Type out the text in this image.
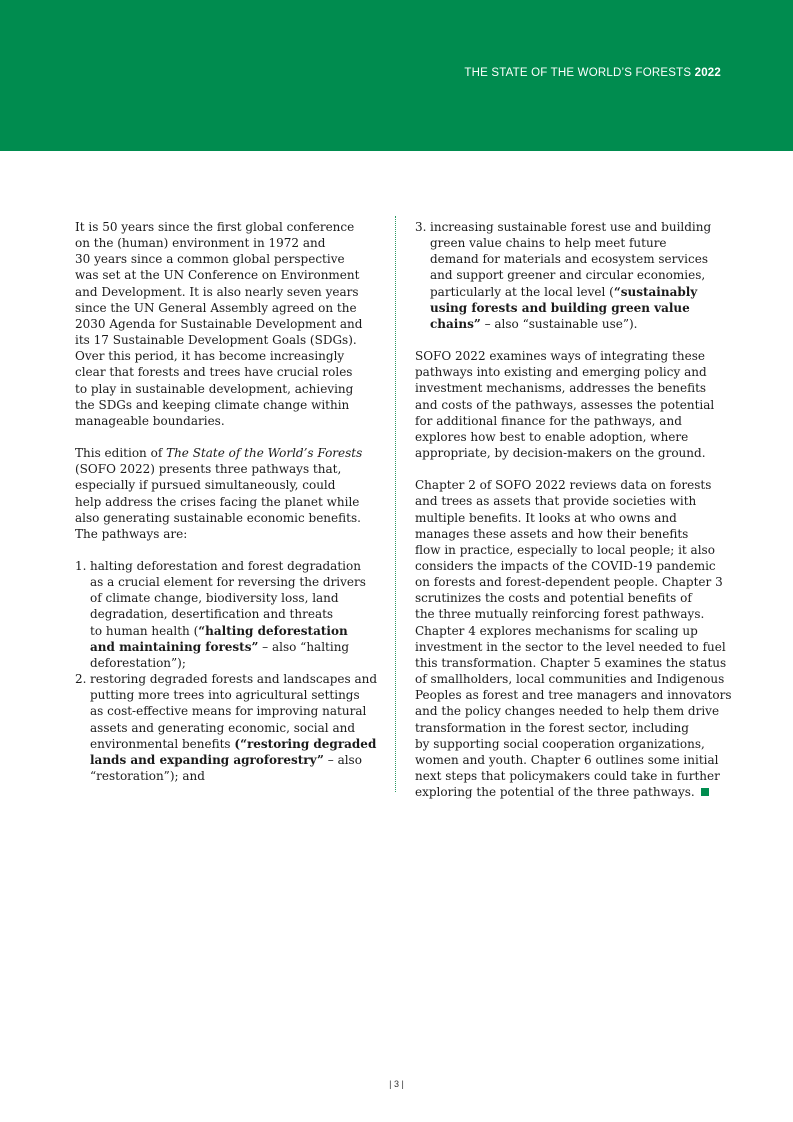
THE STATE OF THE WORLD’S FORESTS 2022
It is 50 years since the first global conference
on the (human) environment in 1972 and
30 years since a common global perspective
was set at the UN Conference on Environment
and Development. It is also nearly seven years
since the UN General Assembly agreed on the
2030 Agenda for Sustainable Development and
its 17 Sustainable Development Goals (SDGs).
Over this period, it has become increasingly
clear that forests and trees have crucial roles
to play in sustainable development, achieving
the SDGs and keeping climate change within
manageable boundaries.
This edition of The State of the World’s Forests
(SOFO 2022) presents three pathways that,
especially if pursued simultaneously, could
help address the crises facing the planet while
also generating sustainable economic benefits.
The pathways are:
1. halting deforestation and forest degradation
as a crucial element for reversing the drivers
of climate change, biodiversity loss, land
degradation, desertification and threats
to human health (“halting deforestation
and maintaining forests” – also “halting
deforestation”);
2. restoring degraded forests and landscapes and
putting more trees into agricultural settings
as cost-effective means for improving natural
assets and generating economic, social and
environmental benefits (“restoring degraded
lands and expanding agroforestry” – also
“restoration”); and
3. increasing sustainable forest use and building
green value chains to help meet future
demand for materials and ecosystem services
and support greener and circular economies,
particularly at the local level (“sustainably
using forests and building green value
chains” – also “sustainable use”).
SOFO 2022 examines ways of integrating these
pathways into existing and emerging policy and
investment mechanisms, addresses the benefits
and costs of the pathways, assesses the potential
for additional finance for the pathways, and
explores how best to enable adoption, where
appropriate, by decision-makers on the ground.
Chapter 2 of SOFO 2022 reviews data on forests
and trees as assets that provide societies with
multiple benefits. It looks at who owns and
manages these assets and how their benefits
flow in practice, especially to local people; it also
considers the impacts of the COVID-19 pandemic
on forests and forest-dependent people. Chapter 3
scrutinizes the costs and potential benefits of
the three mutually reinforcing forest pathways.
Chapter 4 explores mechanisms for scaling up
investment in the sector to the level needed to fuel
this transformation. Chapter 5 examines the status
of smallholders, local communities and Indigenous
Peoples as forest and tree managers and innovators
and the policy changes needed to help them drive
transformation in the forest sector, including
by supporting social cooperation organizations,
women and youth. Chapter 6 outlines some initial
next steps that policymakers could take in further
exploring the potential of the three pathways.
| 3 |
